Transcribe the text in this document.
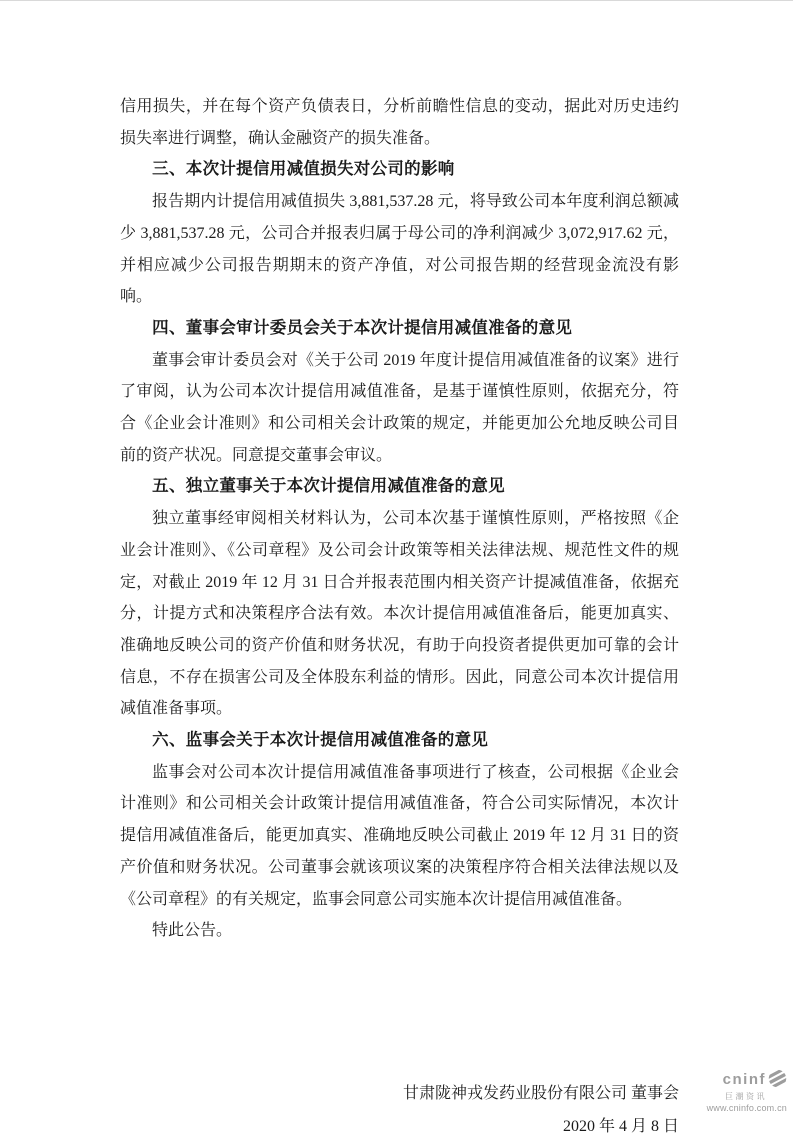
信用损失，并在每个资产负债表日，分析前瞻性信息的变动，据此对历史违约损失率进行调整，确认金融资产的损失准备。

三、本次计提信用减值损失对公司的影响

报告期内计提信用减值损失 3,881,537.28 元，将导致公司本年度利润总额减少 3,881,537.28 元，公司合并报表归属于母公司的净利润减少 3,072,917.62 元，并相应减少公司报告期期末的资产净值，对公司报告期的经营现金流没有影响。

四、董事会审计委员会关于本次计提信用减值准备的意见

董事会审计委员会对《关于公司 2019 年度计提信用减值准备的议案》进行了审阅，认为公司本次计提信用减值准备，是基于谨慎性原则，依据充分，符合《企业会计准则》和公司相关会计政策的规定，并能更加公允地反映公司目前的资产状况。同意提交董事会审议。

五、独立董事关于本次计提信用减值准备的意见

独立董事经审阅相关材料认为，公司本次基于谨慎性原则，严格按照《企业会计准则》、《公司章程》及公司会计政策等相关法律法规、规范性文件的规定，对截止 2019 年 12 月 31 日合并报表范围内相关资产计提减值准备，依据充分，计提方式和决策程序合法有效。本次计提信用减值准备后，能更加真实、准确地反映公司的资产价值和财务状况，有助于向投资者提供更加可靠的会计信息，不存在损害公司及全体股东利益的情形。因此，同意公司本次计提信用减值准备事项。

六、监事会关于本次计提信用减值准备的意见

监事会对公司本次计提信用减值准备事项进行了核查，公司根据《企业会计准则》和公司相关会计政策计提信用减值准备，符合公司实际情况，本次计提信用减值准备后，能更加真实、准确地反映公司截止 2019 年 12 月 31 日的资产价值和财务状况。公司董事会就该项议案的决策程序符合相关法律法规以及《公司章程》的有关规定，监事会同意公司实施本次计提信用减值准备。

特此公告。

甘肃陇神戎发药业股份有限公司 董事会

2020 年 4 月 8 日

cninf
巨潮资讯
www.cninfo.com.cn
